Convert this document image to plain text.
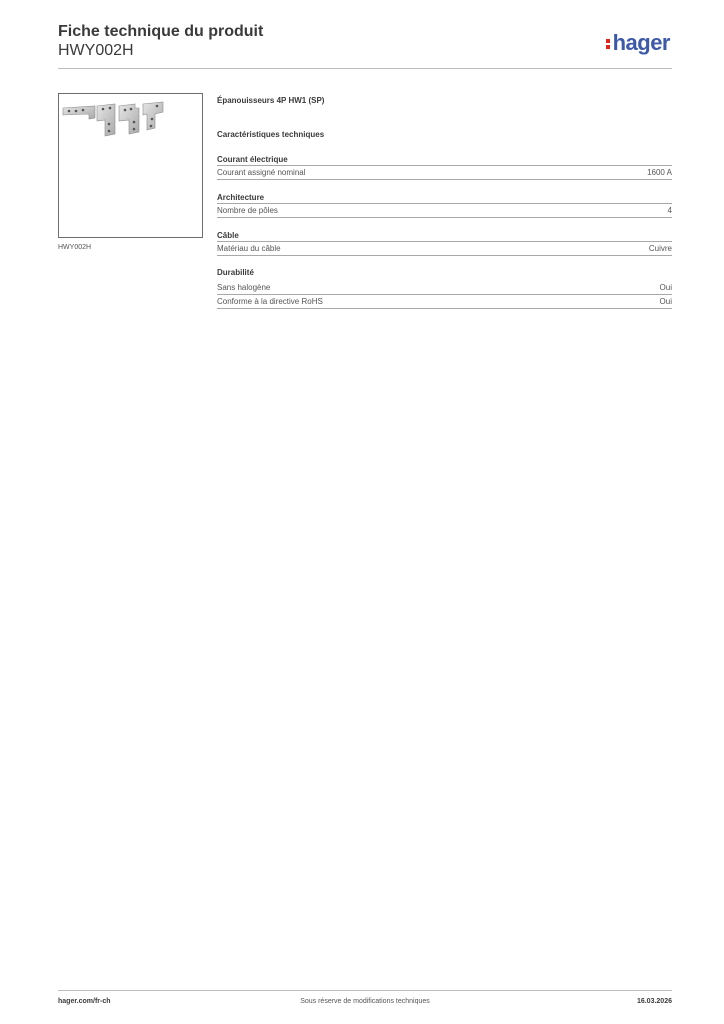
Fiche technique du produit
HWY002H	hager
HWY002H
Épanouisseurs 4P HW1 (SP)
Caractéristiques techniques
Courant électrique
Courant assigné nominal	1600 A
Architecture
Nombre de pôles	4
Câble
Matériau du câble	Cuivre
Durabilité
Sans halogène	Oui
Conforme à la directive RoHS	Oui
hager.com/fr-ch	Sous réserve de modifications techniques	16.03.2026
